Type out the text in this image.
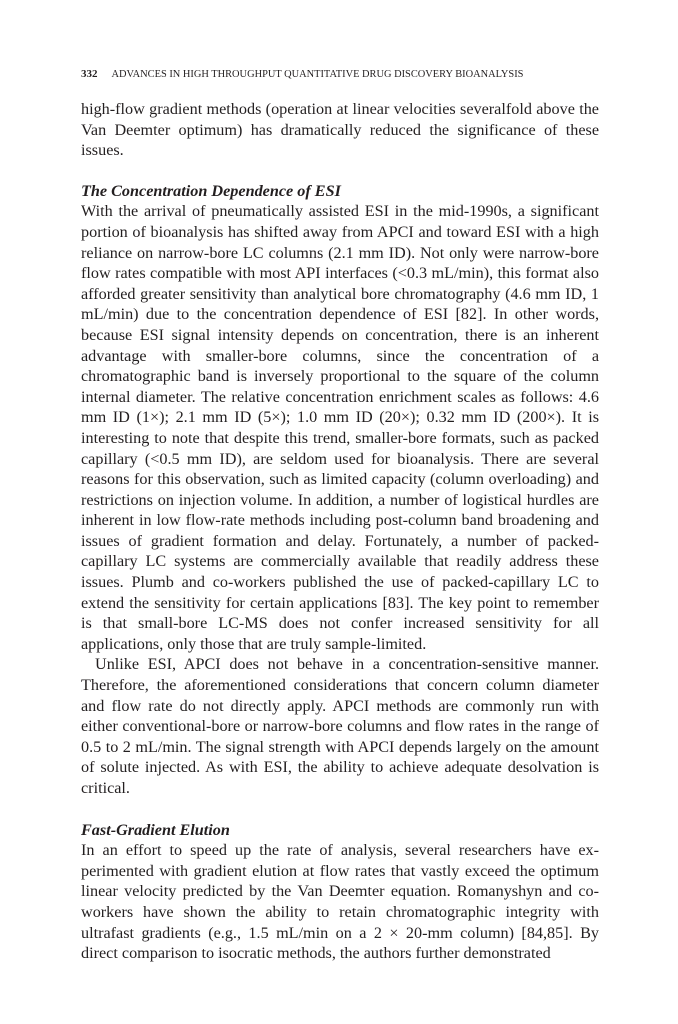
332 ADVANCES IN HIGH THROUGHPUT QUANTITATIVE DRUG DISCOVERY BIOANALYSIS

high-flow gradient methods (operation at linear velocities severalfold above the Van Deemter optimum) has dramatically reduced the significance of these issues.

The Concentration Dependence of ESI

With the arrival of pneumatically assisted ESI in the mid-1990s, a significant portion of bioanalysis has shifted away from APCI and toward ESI with a high reliance on narrow-bore LC columns (2.1 mm ID). Not only were narrow-bore flow rates compatible with most API interfaces (<0.3 mL/min), this format also afforded greater sensitivity than analytical bore chromatography (4.6 mm ID, 1 mL/min) due to the concentration dependence of ESI [82]. In other words, because ESI signal intensity depends on concentration, there is an inherent advantage with smaller-bore columns, since the concentration of a chromatographic band is inversely proportional to the square of the column internal diameter. The relative concentration enrichment scales as follows: 4.6 mm ID (1×); 2.1 mm ID (5×); 1.0 mm ID (20×); 0.32 mm ID (200×). It is interesting to note that despite this trend, smaller-bore formats, such as packed capillary (<0.5 mm ID), are seldom used for bioanalysis. There are several reasons for this observation, such as limited capacity (column overloading) and restrictions on injection volume. In addition, a number of logistical hurdles are inherent in low flow-rate methods including post-column band broadening and issues of gradient formation and delay. Fortunately, a number of packed-capillary LC systems are commercially available that readily address these issues. Plumb and co-workers published the use of packed-capillary LC to extend the sensitivity for certain applications [83]. The key point to remember is that small-bore LC-MS does not confer increased sensitivity for all applications, only those that are truly sample-limited.

Unlike ESI, APCI does not behave in a concentration-sensitive manner. Therefore, the aforementioned considerations that concern column diameter and flow rate do not directly apply. APCI methods are commonly run with either conventional-bore or narrow-bore columns and flow rates in the range of 0.5 to 2 mL/min. The signal strength with APCI depends largely on the amount of solute injected. As with ESI, the ability to achieve adequate desolvation is critical.

Fast-Gradient Elution

In an effort to speed up the rate of analysis, several researchers have experimented with gradient elution at flow rates that vastly exceed the optimum linear velocity predicted by the Van Deemter equation. Romanyshyn and co-workers have shown the ability to retain chromatographic integrity with ultrafast gradients (e.g., 1.5 mL/min on a 2 × 20-mm column) [84,85]. By direct comparison to isocratic methods, the authors further demonstrated
